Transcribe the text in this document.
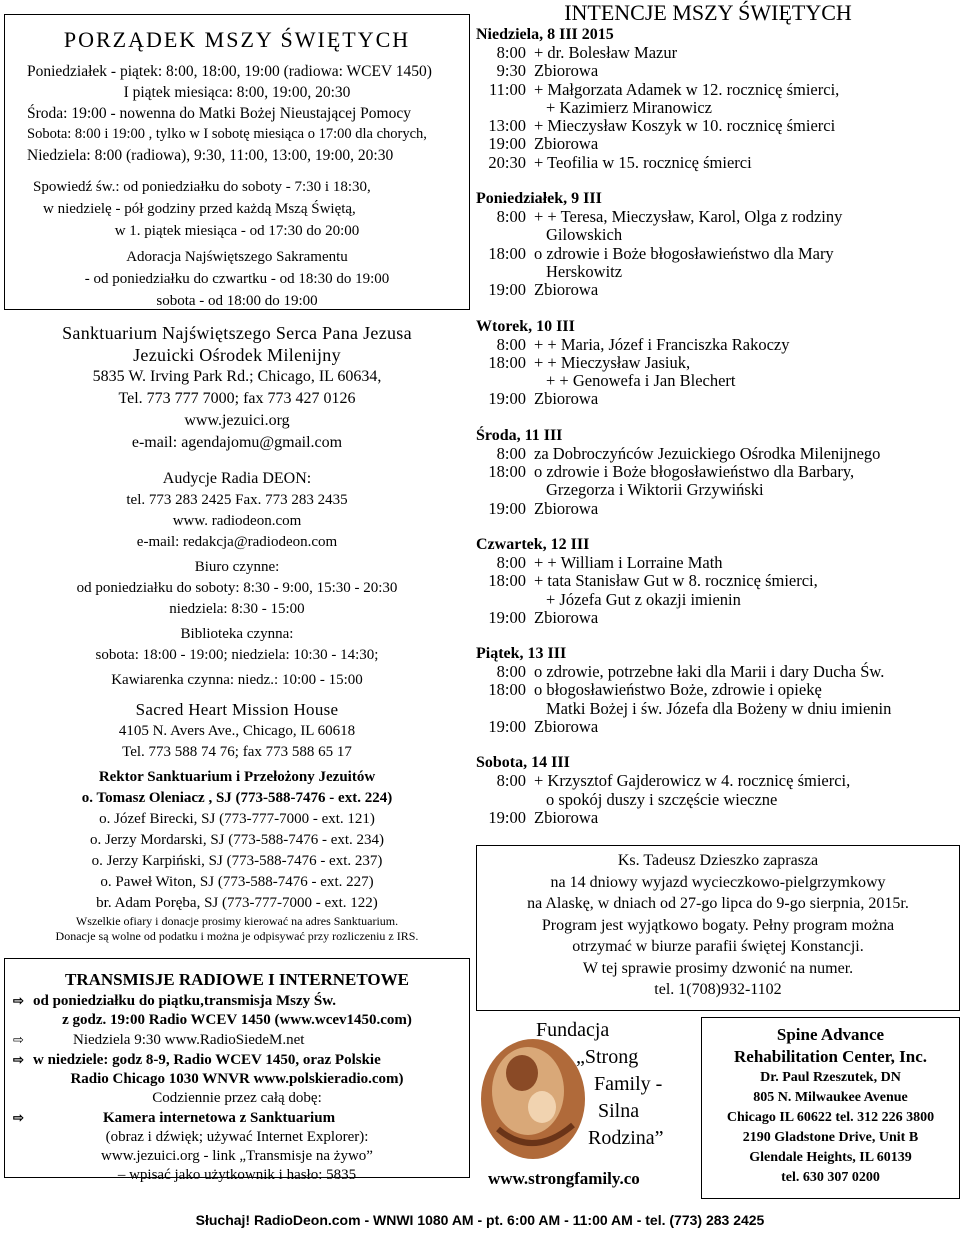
PORZĄDEK MSZY ŚWIĘTYCH
Poniedziałek - piątek: 8:00, 18:00, 19:00 (radiowa: WCEV 1450)
I piątek miesiąca: 8:00, 19:00, 20:30
Środa: 19:00 - nowenna do Matki Bożej Nieustającej Pomocy
Sobota: 8:00 i 19:00 , tylko w I sobotę miesiąca o 17:00 dla chorych,
Niedziela: 8:00 (radiowa), 9:30, 11:00, 13:00, 19:00, 20:30
Spowiedź św.: od poniedziałku do soboty - 7:30 i 18:30,
w niedzielę - pół godziny przed każdą Mszą Świętą,
w 1. piątek miesiąca - od 17:30 do 20:00
Adoracja Najświętszego Sakramentu
- od poniedziałku do czwartku - od 18:30 do 19:00
sobota - od 18:00 do 19:00
Sanktuarium Najświętszego Serca Pana Jezusa
Jezuicki Ośrodek Milenijny
5835 W. Irving Park Rd.; Chicago, IL 60634,
Tel. 773 777 7000; fax 773 427 0126
www.jezuici.org
e-mail: agendajomu@gmail.com
Audycje Radia DEON:
tel. 773 283 2425 Fax. 773 283 2435
www. radiodeon.com
e-mail: redakcja@radiodeon.com
Biuro czynne:
od poniedziałku do soboty: 8:30 - 9:00, 15:30 - 20:30
niedziela: 8:30 - 15:00
Biblioteka czynna:
sobota: 18:00 - 19:00; niedziela: 10:30 - 14:30;
Kawiarenka czynna: niedz.: 10:00 - 15:00
Sacred Heart Mission House
4105 N. Avers Ave., Chicago, IL 60618
Tel. 773 588 74 76; fax 773 588 65 17
Rektor Sanktuarium i Przełożony Jezuitów
o. Tomasz Oleniacz , SJ (773-588-7476 - ext. 224)
o. Józef Birecki, SJ (773-777-7000 - ext. 121)
o. Jerzy Mordarski, SJ (773-588-7476 - ext. 234)
o. Jerzy Karpiński, SJ (773-588-7476 - ext. 237)
o. Paweł Witon, SJ (773-588-7476 - ext. 227)
br. Adam Poręba, SJ (773-777-7000 - ext. 122)
Wszelkie ofiary i donacje prosimy kierować na adres Sanktuarium.
Donacje są wolne od podatku i można je odpisywać przy rozliczeniu z IRS.
TRANSMISJE RADIOWE I INTERNETOWE
⇨ od poniedziałku do piątku,transmisja Mszy Św.
z godz. 19:00 Radio WCEV 1450 (www.wcev1450.com)
⇨	Niedziela 9:30 www.RadioSiedeM.net
⇨ w niedziele: godz 8-9, Radio WCEV 1450, oraz Polskie
Radio Chicago 1030 WNVR www.polskieradio.com)
Codziennie przez całą dobę:
⇨	Kamera internetowa z Sanktuarium
(obraz i dźwięk; używać Internet Explorer):
www.jezuici.org - link „Transmisje na żywo”
– wpisać jako użytkownik i hasło: 5835
INTENCJE MSZY ŚWIĘTYCH
Niedziela, 8 III 2015
8:00 + dr. Bolesław Mazur
9:30 Zbiorowa
11:00 + Małgorzata Adamek w 12. rocznicę śmierci,
+ Kazimierz Miranowicz
13:00 + Mieczysław Koszyk w 10. rocznicę śmierci
19:00 Zbiorowa
20:30 + Teofilia w 15. rocznicę śmierci
Poniedziałek, 9 III
8:00 + + Teresa, Mieczysław, Karol, Olga z rodziny
Gilowskich
18:00 o zdrowie i Boże błogosławieństwo dla Mary
Herskowitz
19:00 Zbiorowa
Wtorek, 10 III
8:00 + + Maria, Józef i Franciszka Rakoczy
18:00 + + Mieczysław Jasiuk,
+ + Genowefa i Jan Blechert
19:00 Zbiorowa
Środa, 11 III
8:00 za Dobroczyńców Jezuickiego Ośrodka Milenijnego
18:00 o zdrowie i Boże błogosławieństwo dla Barbary,
Grzegorza i Wiktorii Grzywiński
19:00 Zbiorowa
Czwartek, 12 III
8:00 + + William i Lorraine Math
18:00 + tata Stanisław Gut w 8. rocznicę śmierci,
+ Józefa Gut z okazji imienin
19:00 Zbiorowa
Piątek, 13 III
8:00 o zdrowie, potrzebne łaki dla Marii i dary Ducha Św.
18:00 o błogosławieństwo Boże, zdrowie i opiekę
Matki Bożej i św. Józefa dla Bożeny w dniu imienin
19:00 Zbiorowa
Sobota, 14 III
8:00 + Krzysztof Gajderowicz w 4. rocznicę śmierci,
o spokój duszy i szczęście wieczne
19:00 Zbiorowa
Ks. Tadeusz Dzieszko zaprasza
na 14 dniowy wyjazd wycieczkowo-pielgrzymkowy
na Alaskę, w dniach od 27-go lipca do 9-go sierpnia, 2015r.
Program jest wyjątkowo bogaty. Pełny program można
otrzymać w biurze parafii świętej Konstancji.
W tej sprawie prosimy dzwonić na numer.
tel. 1(708)932-1102
Fundacja
„Strong
Family -
Silna
Rodzina”
www.strongfamily.co
Spine Advance
Rehabilitation Center, Inc.
Dr. Paul Rzeszutek, DN
805 N. Milwaukee Avenue
Chicago IL 60622 tel. 312 226 3800
2190 Gladstone Drive, Unit B
Glendale Heights, IL 60139
tel. 630 307 0200
Słuchaj! RadioDeon.com - WNWI 1080 AM - pt. 6:00 AM - 11:00 AM - tel. (773) 283 2425
